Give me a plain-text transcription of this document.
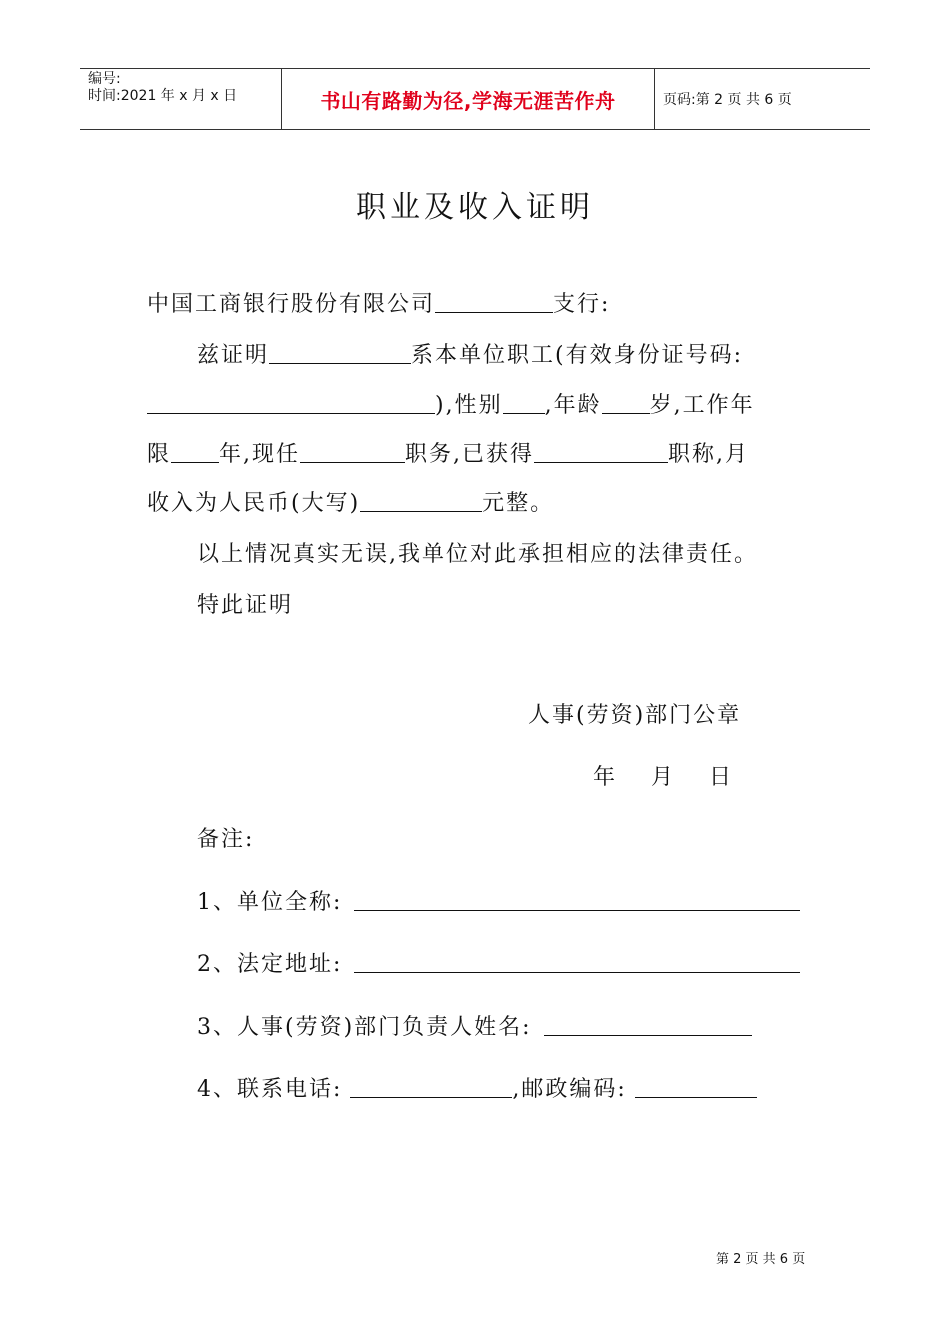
编号:
时间:2021 年 x 月 x 日	书山有路勤为径,学海无涯苦作舟	页码:第 2 页 共 6 页
职业及收入证明
中国工商银行股份有限公司	支行:
兹证明	系本单位职工(有效身份证号码:
),性别 ,年龄 岁,工作年
限 年,现任	职务,已获得	职称,月
收入为人民币(大写)	元整。
以上情况真实无误,我单位对此承担相应的法律责任。
特此证明
人事(劳资)部门公章
年 月 日
备注:
1、单位全称:
2、法定地址:
3、人事(劳资)部门负责人姓名:
4、联系电话:	,邮政编码:
第 2 页 共 6 页
